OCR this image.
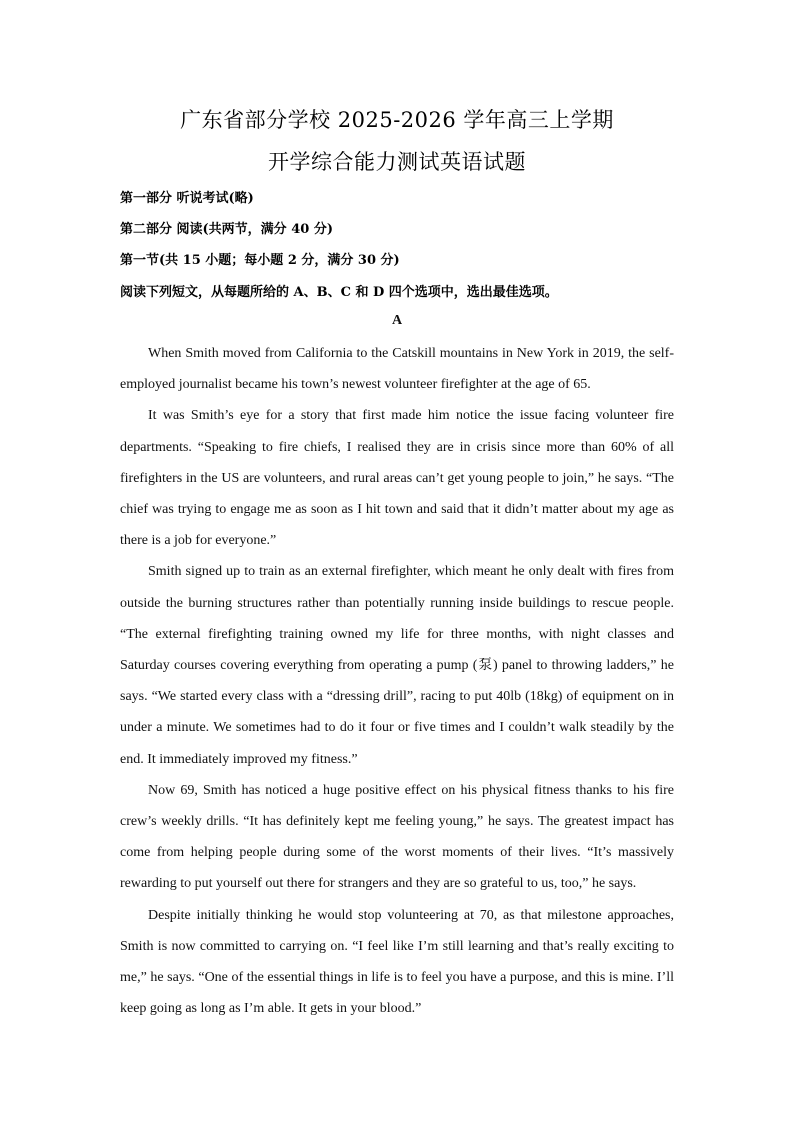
广东省部分学校 2025-2026 学年高三上学期
开学综合能力测试英语试题
第一部分 听说考试(略)
第二部分 阅读(共两节，满分 40 分)
第一节(共 15 小题；每小题 2 分，满分 30 分)
阅读下列短文，从每题所给的 A、B、C 和 D 四个选项中，选出最佳选项。
A

When Smith moved from California to the Catskill mountains in New York in 2019, the self-employed journalist became his town’s newest volunteer firefighter at the age of 65.

It was Smith’s eye for a story that first made him notice the issue facing volunteer fire departments. “Speaking to fire chiefs, I realised they are in crisis since more than 60% of all firefighters in the US are volunteers, and rural areas can’t get young people to join,” he says. “The chief was trying to engage me as soon as I hit town and said that it didn’t matter about my age as there is a job for everyone.”

Smith signed up to train as an external firefighter, which meant he only dealt with fires from outside the burning structures rather than potentially running inside buildings to rescue people. “The external firefighting training owned my life for three months, with night classes and Saturday courses covering everything from operating a pump (泵) panel to throwing ladders,” he says. “We started every class with a “dressing drill”, racing to put 40lb (18kg) of equipment on in under a minute. We sometimes had to do it four or five times and I couldn’t walk steadily by the end. It immediately improved my fitness.”

Now 69, Smith has noticed a huge positive effect on his physical fitness thanks to his fire crew’s weekly drills. “It has definitely kept me feeling young,” he says. The greatest impact has come from helping people during some of the worst moments of their lives. “It’s massively rewarding to put yourself out there for strangers and they are so grateful to us, too,” he says.

Despite initially thinking he would stop volunteering at 70, as that milestone approaches, Smith is now committed to carrying on. “I feel like I’m still learning and that’s really exciting to me,” he says. “One of the essential things in life is to feel you have a purpose, and this is mine. I’ll keep going as long as I’m able. It gets in your blood.”
